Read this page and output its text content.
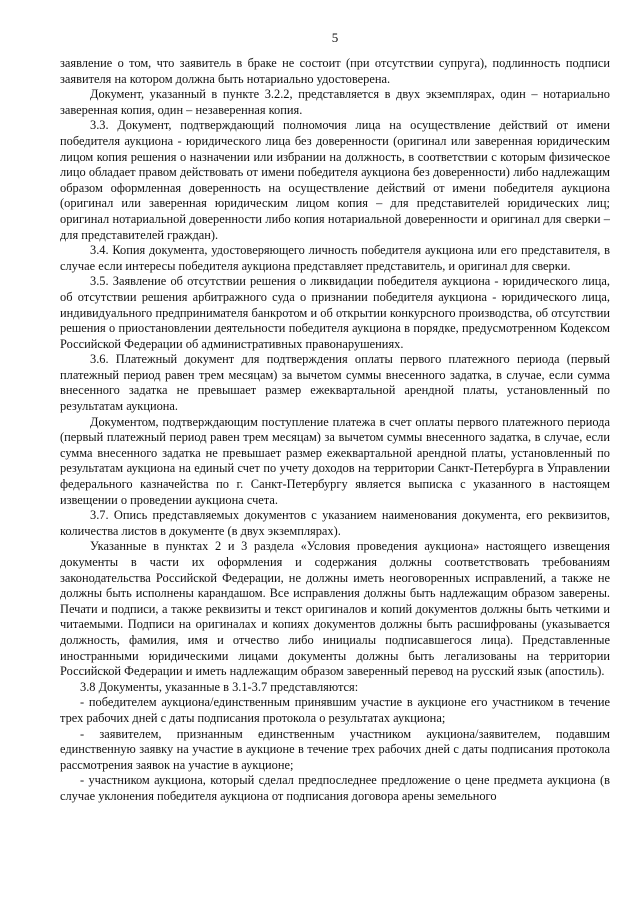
5

заявление о том, что заявитель в браке не состоит (при отсутствии супруга), подлинность подписи заявителя на котором должна быть нотариально удостоверена.

Документ, указанный в пункте 3.2.2, представляется в двух экземплярах, один – нотариально заверенная копия, один – незаверенная копия.

3.3. Документ, подтверждающий полномочия лица на осуществление действий от имени победителя аукциона - юридического лица без доверенности (оригинал или заверенная юридическим лицом копия решения о назначении или избрании на должность, в соответствии с которым физическое лицо обладает правом действовать от имени победителя аукциона без доверенности) либо надлежащим образом оформленная доверенность на осуществление действий от имени победителя аукциона (оригинал или заверенная юридическим лицом копия – для представителей юридических лиц; оригинал нотариальной доверенности либо копия нотариальной доверенности и оригинал для сверки – для представителей граждан).

3.4. Копия документа, удостоверяющего личность победителя аукциона или его представителя, в случае если интересы победителя аукциона представляет представитель, и оригинал для сверки.

3.5. Заявление об отсутствии решения о ликвидации победителя аукциона - юридического лица, об отсутствии решения арбитражного суда о признании победителя аукциона - юридического лица, индивидуального предпринимателя банкротом и об открытии конкурсного производства, об отсутствии решения о приостановлении деятельности победителя аукциона в порядке, предусмотренном Кодексом Российской Федерации об административных правонарушениях.

3.6. Платежный документ для подтверждения оплаты первого платежного периода (первый платежный период равен трем месяцам) за вычетом суммы внесенного задатка, в случае, если сумма внесенного задатка не превышает размер ежеквартальной арендной платы, установленный по результатам аукциона.

Документом, подтверждающим поступление платежа в счет оплаты первого платежного периода (первый платежный период равен трем месяцам) за вычетом суммы внесенного задатка, в случае, если сумма внесенного задатка не превышает размер ежеквартальной арендной платы, установленный по результатам аукциона на единый счет по учету доходов на территории Санкт-Петербурга в Управлении федерального казначейства по г. Санкт-Петербургу является выписка с указанного в настоящем извещении о проведении аукциона счета.

3.7. Опись представляемых документов с указанием наименования документа, его реквизитов, количества листов в документе (в двух экземплярах).

Указанные в пунктах 2 и 3 раздела «Условия проведения аукциона» настоящего извещения документы в части их оформления и содержания должны соответствовать требованиям законодательства Российской Федерации, не должны иметь неоговоренных исправлений, а также не должны быть исполнены карандашом. Все исправления должны быть надлежащим образом заверены. Печати и подписи, а также реквизиты и текст оригиналов и копий документов должны быть четкими и читаемыми. Подписи на оригиналах и копиях документов должны быть расшифрованы (указывается должность, фамилия, имя и отчество либо инициалы подписавшегося лица). Представленные иностранными юридическими лицами документы должны быть легализованы на территории Российской Федерации и иметь надлежащим образом заверенный перевод на русский язык (апостиль).

3.8 Документы, указанные в 3.1-3.7 представляются:

- победителем аукциона/единственным принявшим участие в аукционе его участником в течение трех рабочих дней с даты подписания протокола о результатах аукциона;

- заявителем, признанным единственным участником аукциона/заявителем, подавшим единственную заявку на участие в аукционе в течение трех рабочих дней с даты подписания протокола рассмотрения заявок на участие в аукционе;

- участником аукциона, который сделал предпоследнее предложение о цене предмета аукциона (в случае уклонения победителя аукциона от подписания договора арены земельного
